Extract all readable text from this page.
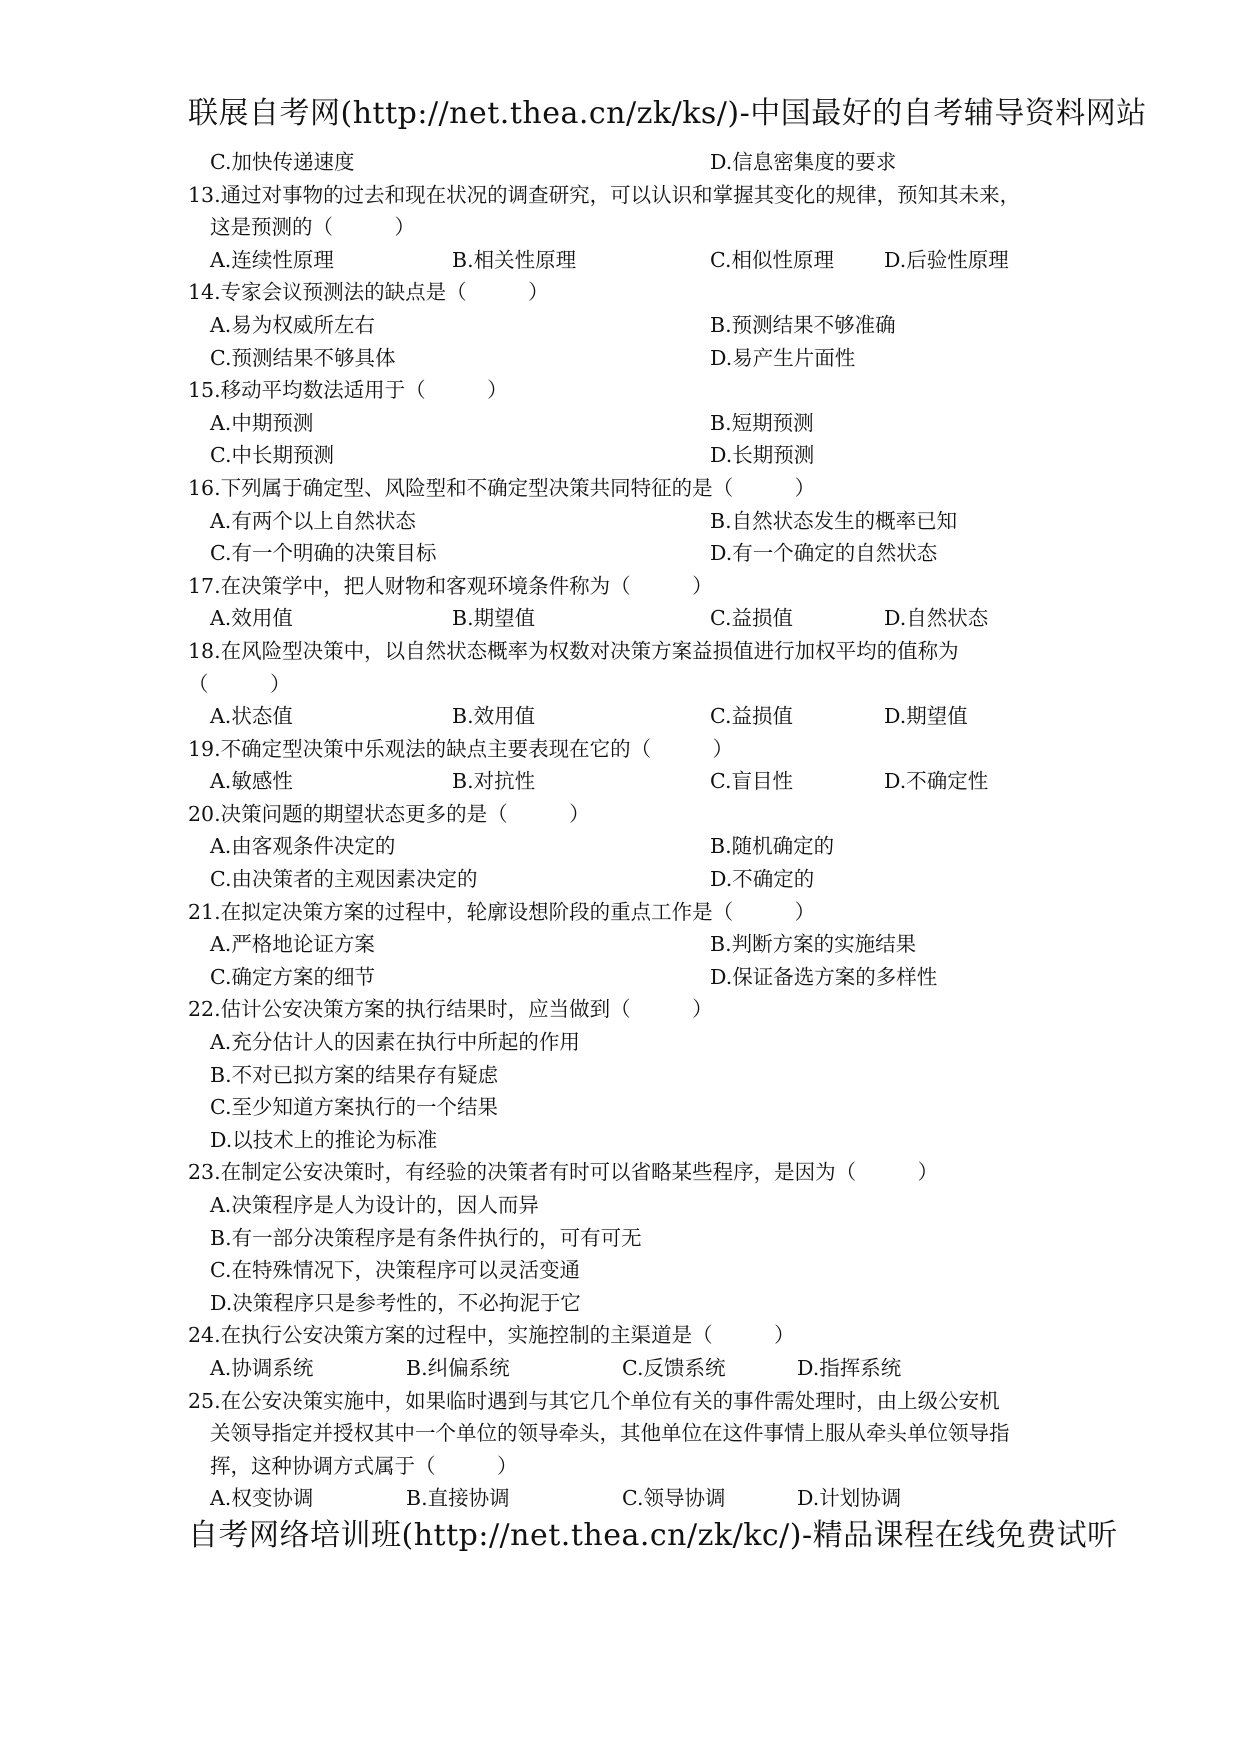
联展自考网(http://net.thea.cn/zk/ks/)-中国最好的自考辅导资料网站
C.加快传递速度	D.信息密集度的要求
13.通过对事物的过去和现在状况的调查研究，可以认识和掌握其变化的规律，预知其未来，
这是预测的（　　　）
A.连续性原理	B.相关性原理	C.相似性原理 D.后验性原理
14.专家会议预测法的缺点是（　　　）
A.易为权威所左右	B.预测结果不够准确
C.预测结果不够具体	D.易产生片面性
15.移动平均数法适用于（　　　）
A.中期预测	B.短期预测
C.中长期预测	D.长期预测
16.下列属于确定型、风险型和不确定型决策共同特征的是（　　　）
A.有两个以上自然状态	B.自然状态发生的概率已知
C.有一个明确的决策目标	D.有一个确定的自然状态
17.在决策学中，把人财物和客观环境条件称为（　　　）
A.效用值	B.期望值	C.益损值	D.自然状态
18.在风险型决策中，以自然状态概率为权数对决策方案益损值进行加权平均的值称为
（　　　）
A.状态值	B.效用值	C.益损值	D.期望值
19.不确定型决策中乐观法的缺点主要表现在它的（　　　）
A.敏感性	B.对抗性	C.盲目性	D.不确定性
20.决策问题的期望状态更多的是（　　　）
A.由客观条件决定的	B.随机确定的
C.由决策者的主观因素决定的	D.不确定的
21.在拟定决策方案的过程中，轮廓设想阶段的重点工作是（　　　）
A.严格地论证方案	B.判断方案的实施结果
C.确定方案的细节	D.保证备选方案的多样性
22.估计公安决策方案的执行结果时，应当做到（　　　）
A.充分估计人的因素在执行中所起的作用
B.不对已拟方案的结果存有疑虑
C.至少知道方案执行的一个结果
D.以技术上的推论为标准
23.在制定公安决策时，有经验的决策者有时可以省略某些程序，是因为（　　　）
A.决策程序是人为设计的，因人而异
B.有一部分决策程序是有条件执行的，可有可无
C.在特殊情况下，决策程序可以灵活变通
D.决策程序只是参考性的，不必拘泥于它
24.在执行公安决策方案的过程中，实施控制的主渠道是（　　　）
A.协调系统	B.纠偏系统	C.反馈系统	D.指挥系统
25.在公安决策实施中，如果临时遇到与其它几个单位有关的事件需处理时，由上级公安机
关领导指定并授权其中一个单位的领导牵头，其他单位在这件事情上服从牵头单位领导指
挥，这种协调方式属于（　　　）
A.权变协调	B.直接协调	C.领导协调	D.计划协调
自考网络培训班(http://net.thea.cn/zk/kc/)-精品课程在线免费试听
